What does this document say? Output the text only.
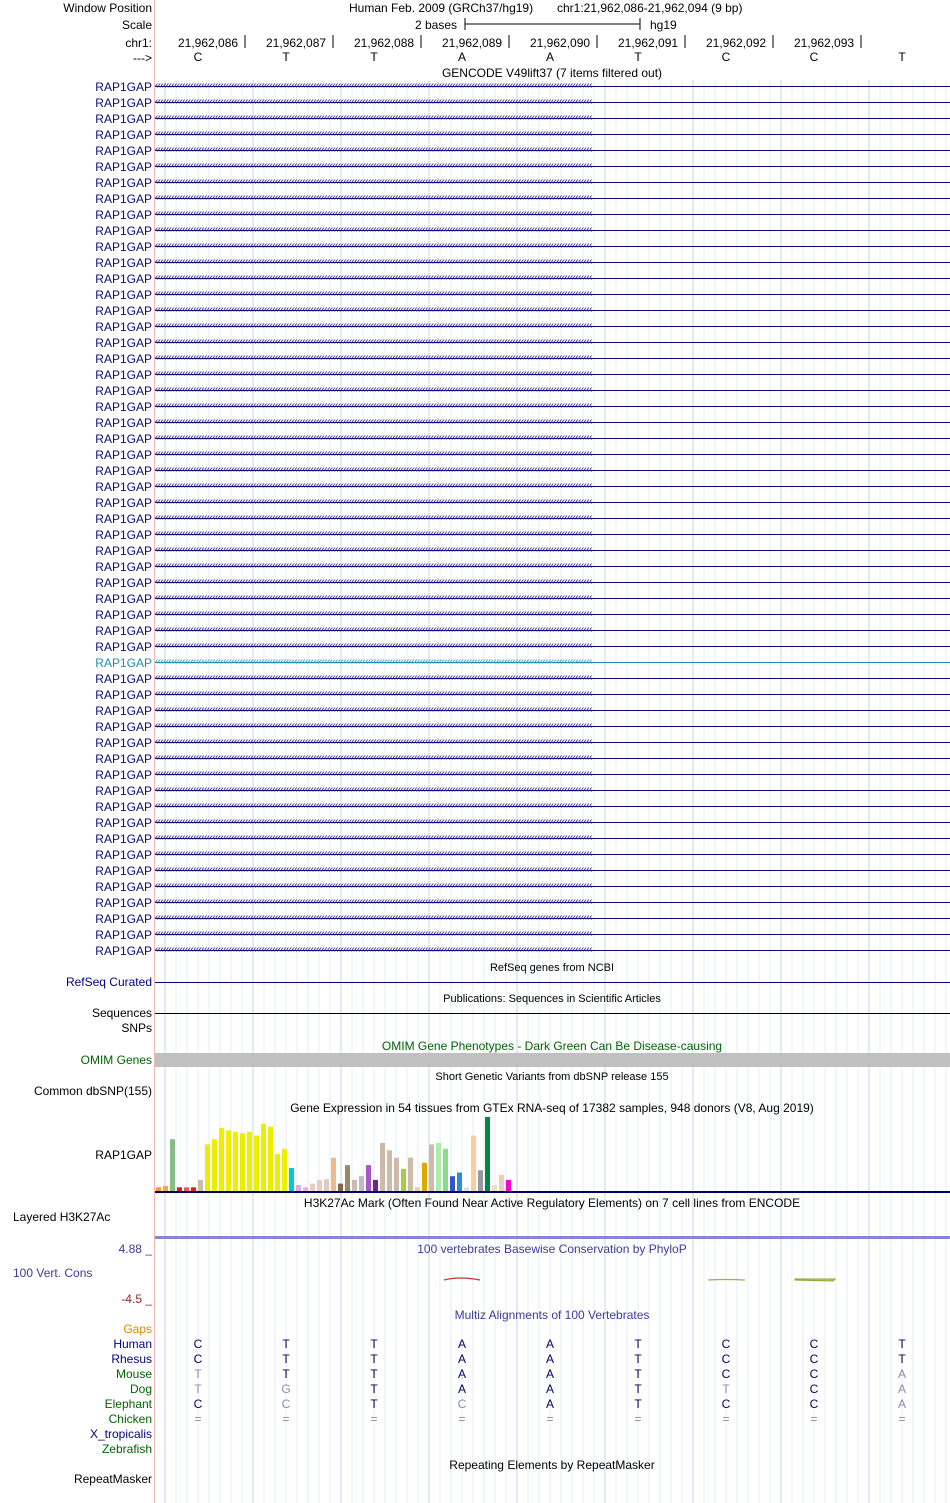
Window Position	Human Feb. 2009 (GRCh37/hg19) chr1:21,962,086-21,962,094 (9 bp)
Scale	2 bases	hg19
chr1:
--->
21,962,086 21,962,087 21,962,088 21,962,089 21,962,090 21,962,091 21,962,092 21,962,093
C	T	T	A	A	T	C	C	T
GENCODE V49lift37 (7 items filtered out)
RAP1GAP ‹‹‹‹‹‹‹‹‹‹‹‹‹‹‹‹‹‹‹‹‹‹‹‹‹‹‹‹‹‹‹‹‹‹‹‹‹‹‹‹‹‹‹‹‹‹‹‹‹‹‹‹‹‹‹‹‹‹‹‹‹‹‹‹‹‹‹‹‹‹‹‹‹‹‹‹‹‹‹‹‹‹‹‹‹‹‹‹‹‹‹‹‹‹‹‹‹‹‹‹‹‹‹‹‹‹‹‹‹‹‹‹‹‹‹‹‹‹‹‹‹‹‹‹‹‹‹‹‹‹‹‹‹‹‹‹‹‹‹‹‹‹‹‹‹‹‹‹‹‹‹‹‹‹‹‹‹‹‹‹
RAP1GAP ‹‹‹‹‹‹‹‹‹‹‹‹‹‹‹‹‹‹‹‹‹‹‹‹‹‹‹‹‹‹‹‹‹‹‹‹‹‹‹‹‹‹‹‹‹‹‹‹‹‹‹‹‹‹‹‹‹‹‹‹‹‹‹‹‹‹‹‹‹‹‹‹‹‹‹‹‹‹‹‹‹‹‹‹‹‹‹‹‹‹‹‹‹‹‹‹‹‹‹‹‹‹‹‹‹‹‹‹‹‹‹‹‹‹‹‹‹‹‹‹‹‹‹‹‹‹‹‹‹‹‹‹‹‹‹‹‹‹‹‹‹‹‹‹‹‹‹‹‹‹‹‹‹‹‹‹‹‹‹‹
RAP1GAP ‹‹‹‹‹‹‹‹‹‹‹‹‹‹‹‹‹‹‹‹‹‹‹‹‹‹‹‹‹‹‹‹‹‹‹‹‹‹‹‹‹‹‹‹‹‹‹‹‹‹‹‹‹‹‹‹‹‹‹‹‹‹‹‹‹‹‹‹‹‹‹‹‹‹‹‹‹‹‹‹‹‹‹‹‹‹‹‹‹‹‹‹‹‹‹‹‹‹‹‹‹‹‹‹‹‹‹‹‹‹‹‹‹‹‹‹‹‹‹‹‹‹‹‹‹‹‹‹‹‹‹‹‹‹‹‹‹‹‹‹‹‹‹‹‹‹‹‹‹‹‹‹‹‹‹‹‹‹‹‹
RAP1GAP ‹‹‹‹‹‹‹‹‹‹‹‹‹‹‹‹‹‹‹‹‹‹‹‹‹‹‹‹‹‹‹‹‹‹‹‹‹‹‹‹‹‹‹‹‹‹‹‹‹‹‹‹‹‹‹‹‹‹‹‹‹‹‹‹‹‹‹‹‹‹‹‹‹‹‹‹‹‹‹‹‹‹‹‹‹‹‹‹‹‹‹‹‹‹‹‹‹‹‹‹‹‹‹‹‹‹‹‹‹‹‹‹‹‹‹‹‹‹‹‹‹‹‹‹‹‹‹‹‹‹‹‹‹‹‹‹‹‹‹‹‹‹‹‹‹‹‹‹‹‹‹‹‹‹‹‹‹‹‹‹
RAP1GAP ‹‹‹‹‹‹‹‹‹‹‹‹‹‹‹‹‹‹‹‹‹‹‹‹‹‹‹‹‹‹‹‹‹‹‹‹‹‹‹‹‹‹‹‹‹‹‹‹‹‹‹‹‹‹‹‹‹‹‹‹‹‹‹‹‹‹‹‹‹‹‹‹‹‹‹‹‹‹‹‹‹‹‹‹‹‹‹‹‹‹‹‹‹‹‹‹‹‹‹‹‹‹‹‹‹‹‹‹‹‹‹‹‹‹‹‹‹‹‹‹‹‹‹‹‹‹‹‹‹‹‹‹‹‹‹‹‹‹‹‹‹‹‹‹‹‹‹‹‹‹‹‹‹‹‹‹‹‹‹‹
RAP1GAP ‹‹‹‹‹‹‹‹‹‹‹‹‹‹‹‹‹‹‹‹‹‹‹‹‹‹‹‹‹‹‹‹‹‹‹‹‹‹‹‹‹‹‹‹‹‹‹‹‹‹‹‹‹‹‹‹‹‹‹‹‹‹‹‹‹‹‹‹‹‹‹‹‹‹‹‹‹‹‹‹‹‹‹‹‹‹‹‹‹‹‹‹‹‹‹‹‹‹‹‹‹‹‹‹‹‹‹‹‹‹‹‹‹‹‹‹‹‹‹‹‹‹‹‹‹‹‹‹‹‹‹‹‹‹‹‹‹‹‹‹‹‹‹‹‹‹‹‹‹‹‹‹‹‹‹‹‹‹‹‹
RAP1GAP ‹‹‹‹‹‹‹‹‹‹‹‹‹‹‹‹‹‹‹‹‹‹‹‹‹‹‹‹‹‹‹‹‹‹‹‹‹‹‹‹‹‹‹‹‹‹‹‹‹‹‹‹‹‹‹‹‹‹‹‹‹‹‹‹‹‹‹‹‹‹‹‹‹‹‹‹‹‹‹‹‹‹‹‹‹‹‹‹‹‹‹‹‹‹‹‹‹‹‹‹‹‹‹‹‹‹‹‹‹‹‹‹‹‹‹‹‹‹‹‹‹‹‹‹‹‹‹‹‹‹‹‹‹‹‹‹‹‹‹‹‹‹‹‹‹‹‹‹‹‹‹‹‹‹‹‹‹‹‹‹
RAP1GAP ‹‹‹‹‹‹‹‹‹‹‹‹‹‹‹‹‹‹‹‹‹‹‹‹‹‹‹‹‹‹‹‹‹‹‹‹‹‹‹‹‹‹‹‹‹‹‹‹‹‹‹‹‹‹‹‹‹‹‹‹‹‹‹‹‹‹‹‹‹‹‹‹‹‹‹‹‹‹‹‹‹‹‹‹‹‹‹‹‹‹‹‹‹‹‹‹‹‹‹‹‹‹‹‹‹‹‹‹‹‹‹‹‹‹‹‹‹‹‹‹‹‹‹‹‹‹‹‹‹‹‹‹‹‹‹‹‹‹‹‹‹‹‹‹‹‹‹‹‹‹‹‹‹‹‹‹‹‹‹‹
RAP1GAP ‹‹‹‹‹‹‹‹‹‹‹‹‹‹‹‹‹‹‹‹‹‹‹‹‹‹‹‹‹‹‹‹‹‹‹‹‹‹‹‹‹‹‹‹‹‹‹‹‹‹‹‹‹‹‹‹‹‹‹‹‹‹‹‹‹‹‹‹‹‹‹‹‹‹‹‹‹‹‹‹‹‹‹‹‹‹‹‹‹‹‹‹‹‹‹‹‹‹‹‹‹‹‹‹‹‹‹‹‹‹‹‹‹‹‹‹‹‹‹‹‹‹‹‹‹‹‹‹‹‹‹‹‹‹‹‹‹‹‹‹‹‹‹‹‹‹‹‹‹‹‹‹‹‹‹‹‹‹‹‹
RAP1GAP ‹‹‹‹‹‹‹‹‹‹‹‹‹‹‹‹‹‹‹‹‹‹‹‹‹‹‹‹‹‹‹‹‹‹‹‹‹‹‹‹‹‹‹‹‹‹‹‹‹‹‹‹‹‹‹‹‹‹‹‹‹‹‹‹‹‹‹‹‹‹‹‹‹‹‹‹‹‹‹‹‹‹‹‹‹‹‹‹‹‹‹‹‹‹‹‹‹‹‹‹‹‹‹‹‹‹‹‹‹‹‹‹‹‹‹‹‹‹‹‹‹‹‹‹‹‹‹‹‹‹‹‹‹‹‹‹‹‹‹‹‹‹‹‹‹‹‹‹‹‹‹‹‹‹‹‹‹‹‹‹
RAP1GAP ‹‹‹‹‹‹‹‹‹‹‹‹‹‹‹‹‹‹‹‹‹‹‹‹‹‹‹‹‹‹‹‹‹‹‹‹‹‹‹‹‹‹‹‹‹‹‹‹‹‹‹‹‹‹‹‹‹‹‹‹‹‹‹‹‹‹‹‹‹‹‹‹‹‹‹‹‹‹‹‹‹‹‹‹‹‹‹‹‹‹‹‹‹‹‹‹‹‹‹‹‹‹‹‹‹‹‹‹‹‹‹‹‹‹‹‹‹‹‹‹‹‹‹‹‹‹‹‹‹‹‹‹‹‹‹‹‹‹‹‹‹‹‹‹‹‹‹‹‹‹‹‹‹‹‹‹‹‹‹‹
RAP1GAP ‹‹‹‹‹‹‹‹‹‹‹‹‹‹‹‹‹‹‹‹‹‹‹‹‹‹‹‹‹‹‹‹‹‹‹‹‹‹‹‹‹‹‹‹‹‹‹‹‹‹‹‹‹‹‹‹‹‹‹‹‹‹‹‹‹‹‹‹‹‹‹‹‹‹‹‹‹‹‹‹‹‹‹‹‹‹‹‹‹‹‹‹‹‹‹‹‹‹‹‹‹‹‹‹‹‹‹‹‹‹‹‹‹‹‹‹‹‹‹‹‹‹‹‹‹‹‹‹‹‹‹‹‹‹‹‹‹‹‹‹‹‹‹‹‹‹‹‹‹‹‹‹‹‹‹‹‹‹‹‹
RAP1GAP ‹‹‹‹‹‹‹‹‹‹‹‹‹‹‹‹‹‹‹‹‹‹‹‹‹‹‹‹‹‹‹‹‹‹‹‹‹‹‹‹‹‹‹‹‹‹‹‹‹‹‹‹‹‹‹‹‹‹‹‹‹‹‹‹‹‹‹‹‹‹‹‹‹‹‹‹‹‹‹‹‹‹‹‹‹‹‹‹‹‹‹‹‹‹‹‹‹‹‹‹‹‹‹‹‹‹‹‹‹‹‹‹‹‹‹‹‹‹‹‹‹‹‹‹‹‹‹‹‹‹‹‹‹‹‹‹‹‹‹‹‹‹‹‹‹‹‹‹‹‹‹‹‹‹‹‹‹‹‹‹
RAP1GAP ‹‹‹‹‹‹‹‹‹‹‹‹‹‹‹‹‹‹‹‹‹‹‹‹‹‹‹‹‹‹‹‹‹‹‹‹‹‹‹‹‹‹‹‹‹‹‹‹‹‹‹‹‹‹‹‹‹‹‹‹‹‹‹‹‹‹‹‹‹‹‹‹‹‹‹‹‹‹‹‹‹‹‹‹‹‹‹‹‹‹‹‹‹‹‹‹‹‹‹‹‹‹‹‹‹‹‹‹‹‹‹‹‹‹‹‹‹‹‹‹‹‹‹‹‹‹‹‹‹‹‹‹‹‹‹‹‹‹‹‹‹‹‹‹‹‹‹‹‹‹‹‹‹‹‹‹‹‹‹‹
RAP1GAP ‹‹‹‹‹‹‹‹‹‹‹‹‹‹‹‹‹‹‹‹‹‹‹‹‹‹‹‹‹‹‹‹‹‹‹‹‹‹‹‹‹‹‹‹‹‹‹‹‹‹‹‹‹‹‹‹‹‹‹‹‹‹‹‹‹‹‹‹‹‹‹‹‹‹‹‹‹‹‹‹‹‹‹‹‹‹‹‹‹‹‹‹‹‹‹‹‹‹‹‹‹‹‹‹‹‹‹‹‹‹‹‹‹‹‹‹‹‹‹‹‹‹‹‹‹‹‹‹‹‹‹‹‹‹‹‹‹‹‹‹‹‹‹‹‹‹‹‹‹‹‹‹‹‹‹‹‹‹‹‹
RAP1GAP ‹‹‹‹‹‹‹‹‹‹‹‹‹‹‹‹‹‹‹‹‹‹‹‹‹‹‹‹‹‹‹‹‹‹‹‹‹‹‹‹‹‹‹‹‹‹‹‹‹‹‹‹‹‹‹‹‹‹‹‹‹‹‹‹‹‹‹‹‹‹‹‹‹‹‹‹‹‹‹‹‹‹‹‹‹‹‹‹‹‹‹‹‹‹‹‹‹‹‹‹‹‹‹‹‹‹‹‹‹‹‹‹‹‹‹‹‹‹‹‹‹‹‹‹‹‹‹‹‹‹‹‹‹‹‹‹‹‹‹‹‹‹‹‹‹‹‹‹‹‹‹‹‹‹‹‹‹‹‹‹
RAP1GAP ‹‹‹‹‹‹‹‹‹‹‹‹‹‹‹‹‹‹‹‹‹‹‹‹‹‹‹‹‹‹‹‹‹‹‹‹‹‹‹‹‹‹‹‹‹‹‹‹‹‹‹‹‹‹‹‹‹‹‹‹‹‹‹‹‹‹‹‹‹‹‹‹‹‹‹‹‹‹‹‹‹‹‹‹‹‹‹‹‹‹‹‹‹‹‹‹‹‹‹‹‹‹‹‹‹‹‹‹‹‹‹‹‹‹‹‹‹‹‹‹‹‹‹‹‹‹‹‹‹‹‹‹‹‹‹‹‹‹‹‹‹‹‹‹‹‹‹‹‹‹‹‹‹‹‹‹‹‹‹‹
RAP1GAP ‹‹‹‹‹‹‹‹‹‹‹‹‹‹‹‹‹‹‹‹‹‹‹‹‹‹‹‹‹‹‹‹‹‹‹‹‹‹‹‹‹‹‹‹‹‹‹‹‹‹‹‹‹‹‹‹‹‹‹‹‹‹‹‹‹‹‹‹‹‹‹‹‹‹‹‹‹‹‹‹‹‹‹‹‹‹‹‹‹‹‹‹‹‹‹‹‹‹‹‹‹‹‹‹‹‹‹‹‹‹‹‹‹‹‹‹‹‹‹‹‹‹‹‹‹‹‹‹‹‹‹‹‹‹‹‹‹‹‹‹‹‹‹‹‹‹‹‹‹‹‹‹‹‹‹‹‹‹‹‹
RAP1GAP ‹‹‹‹‹‹‹‹‹‹‹‹‹‹‹‹‹‹‹‹‹‹‹‹‹‹‹‹‹‹‹‹‹‹‹‹‹‹‹‹‹‹‹‹‹‹‹‹‹‹‹‹‹‹‹‹‹‹‹‹‹‹‹‹‹‹‹‹‹‹‹‹‹‹‹‹‹‹‹‹‹‹‹‹‹‹‹‹‹‹‹‹‹‹‹‹‹‹‹‹‹‹‹‹‹‹‹‹‹‹‹‹‹‹‹‹‹‹‹‹‹‹‹‹‹‹‹‹‹‹‹‹‹‹‹‹‹‹‹‹‹‹‹‹‹‹‹‹‹‹‹‹‹‹‹‹‹‹‹‹
RAP1GAP ‹‹‹‹‹‹‹‹‹‹‹‹‹‹‹‹‹‹‹‹‹‹‹‹‹‹‹‹‹‹‹‹‹‹‹‹‹‹‹‹‹‹‹‹‹‹‹‹‹‹‹‹‹‹‹‹‹‹‹‹‹‹‹‹‹‹‹‹‹‹‹‹‹‹‹‹‹‹‹‹‹‹‹‹‹‹‹‹‹‹‹‹‹‹‹‹‹‹‹‹‹‹‹‹‹‹‹‹‹‹‹‹‹‹‹‹‹‹‹‹‹‹‹‹‹‹‹‹‹‹‹‹‹‹‹‹‹‹‹‹‹‹‹‹‹‹‹‹‹‹‹‹‹‹‹‹‹‹‹‹
RAP1GAP ‹‹‹‹‹‹‹‹‹‹‹‹‹‹‹‹‹‹‹‹‹‹‹‹‹‹‹‹‹‹‹‹‹‹‹‹‹‹‹‹‹‹‹‹‹‹‹‹‹‹‹‹‹‹‹‹‹‹‹‹‹‹‹‹‹‹‹‹‹‹‹‹‹‹‹‹‹‹‹‹‹‹‹‹‹‹‹‹‹‹‹‹‹‹‹‹‹‹‹‹‹‹‹‹‹‹‹‹‹‹‹‹‹‹‹‹‹‹‹‹‹‹‹‹‹‹‹‹‹‹‹‹‹‹‹‹‹‹‹‹‹‹‹‹‹‹‹‹‹‹‹‹‹‹‹‹‹‹‹‹
RAP1GAP ‹‹‹‹‹‹‹‹‹‹‹‹‹‹‹‹‹‹‹‹‹‹‹‹‹‹‹‹‹‹‹‹‹‹‹‹‹‹‹‹‹‹‹‹‹‹‹‹‹‹‹‹‹‹‹‹‹‹‹‹‹‹‹‹‹‹‹‹‹‹‹‹‹‹‹‹‹‹‹‹‹‹‹‹‹‹‹‹‹‹‹‹‹‹‹‹‹‹‹‹‹‹‹‹‹‹‹‹‹‹‹‹‹‹‹‹‹‹‹‹‹‹‹‹‹‹‹‹‹‹‹‹‹‹‹‹‹‹‹‹‹‹‹‹‹‹‹‹‹‹‹‹‹‹‹‹‹‹‹‹
RAP1GAP ‹‹‹‹‹‹‹‹‹‹‹‹‹‹‹‹‹‹‹‹‹‹‹‹‹‹‹‹‹‹‹‹‹‹‹‹‹‹‹‹‹‹‹‹‹‹‹‹‹‹‹‹‹‹‹‹‹‹‹‹‹‹‹‹‹‹‹‹‹‹‹‹‹‹‹‹‹‹‹‹‹‹‹‹‹‹‹‹‹‹‹‹‹‹‹‹‹‹‹‹‹‹‹‹‹‹‹‹‹‹‹‹‹‹‹‹‹‹‹‹‹‹‹‹‹‹‹‹‹‹‹‹‹‹‹‹‹‹‹‹‹‹‹‹‹‹‹‹‹‹‹‹‹‹‹‹‹‹‹‹
RAP1GAP ‹‹‹‹‹‹‹‹‹‹‹‹‹‹‹‹‹‹‹‹‹‹‹‹‹‹‹‹‹‹‹‹‹‹‹‹‹‹‹‹‹‹‹‹‹‹‹‹‹‹‹‹‹‹‹‹‹‹‹‹‹‹‹‹‹‹‹‹‹‹‹‹‹‹‹‹‹‹‹‹‹‹‹‹‹‹‹‹‹‹‹‹‹‹‹‹‹‹‹‹‹‹‹‹‹‹‹‹‹‹‹‹‹‹‹‹‹‹‹‹‹‹‹‹‹‹‹‹‹‹‹‹‹‹‹‹‹‹‹‹‹‹‹‹‹‹‹‹‹‹‹‹‹‹‹‹‹‹‹‹
RAP1GAP ‹‹‹‹‹‹‹‹‹‹‹‹‹‹‹‹‹‹‹‹‹‹‹‹‹‹‹‹‹‹‹‹‹‹‹‹‹‹‹‹‹‹‹‹‹‹‹‹‹‹‹‹‹‹‹‹‹‹‹‹‹‹‹‹‹‹‹‹‹‹‹‹‹‹‹‹‹‹‹‹‹‹‹‹‹‹‹‹‹‹‹‹‹‹‹‹‹‹‹‹‹‹‹‹‹‹‹‹‹‹‹‹‹‹‹‹‹‹‹‹‹‹‹‹‹‹‹‹‹‹‹‹‹‹‹‹‹‹‹‹‹‹‹‹‹‹‹‹‹‹‹‹‹‹‹‹‹‹‹‹
RAP1GAP ‹‹‹‹‹‹‹‹‹‹‹‹‹‹‹‹‹‹‹‹‹‹‹‹‹‹‹‹‹‹‹‹‹‹‹‹‹‹‹‹‹‹‹‹‹‹‹‹‹‹‹‹‹‹‹‹‹‹‹‹‹‹‹‹‹‹‹‹‹‹‹‹‹‹‹‹‹‹‹‹‹‹‹‹‹‹‹‹‹‹‹‹‹‹‹‹‹‹‹‹‹‹‹‹‹‹‹‹‹‹‹‹‹‹‹‹‹‹‹‹‹‹‹‹‹‹‹‹‹‹‹‹‹‹‹‹‹‹‹‹‹‹‹‹‹‹‹‹‹‹‹‹‹‹‹‹‹‹‹‹
RAP1GAP ‹‹‹‹‹‹‹‹‹‹‹‹‹‹‹‹‹‹‹‹‹‹‹‹‹‹‹‹‹‹‹‹‹‹‹‹‹‹‹‹‹‹‹‹‹‹‹‹‹‹‹‹‹‹‹‹‹‹‹‹‹‹‹‹‹‹‹‹‹‹‹‹‹‹‹‹‹‹‹‹‹‹‹‹‹‹‹‹‹‹‹‹‹‹‹‹‹‹‹‹‹‹‹‹‹‹‹‹‹‹‹‹‹‹‹‹‹‹‹‹‹‹‹‹‹‹‹‹‹‹‹‹‹‹‹‹‹‹‹‹‹‹‹‹‹‹‹‹‹‹‹‹‹‹‹‹‹‹‹‹
RAP1GAP ‹‹‹‹‹‹‹‹‹‹‹‹‹‹‹‹‹‹‹‹‹‹‹‹‹‹‹‹‹‹‹‹‹‹‹‹‹‹‹‹‹‹‹‹‹‹‹‹‹‹‹‹‹‹‹‹‹‹‹‹‹‹‹‹‹‹‹‹‹‹‹‹‹‹‹‹‹‹‹‹‹‹‹‹‹‹‹‹‹‹‹‹‹‹‹‹‹‹‹‹‹‹‹‹‹‹‹‹‹‹‹‹‹‹‹‹‹‹‹‹‹‹‹‹‹‹‹‹‹‹‹‹‹‹‹‹‹‹‹‹‹‹‹‹‹‹‹‹‹‹‹‹‹‹‹‹‹‹‹‹
RAP1GAP ‹‹‹‹‹‹‹‹‹‹‹‹‹‹‹‹‹‹‹‹‹‹‹‹‹‹‹‹‹‹‹‹‹‹‹‹‹‹‹‹‹‹‹‹‹‹‹‹‹‹‹‹‹‹‹‹‹‹‹‹‹‹‹‹‹‹‹‹‹‹‹‹‹‹‹‹‹‹‹‹‹‹‹‹‹‹‹‹‹‹‹‹‹‹‹‹‹‹‹‹‹‹‹‹‹‹‹‹‹‹‹‹‹‹‹‹‹‹‹‹‹‹‹‹‹‹‹‹‹‹‹‹‹‹‹‹‹‹‹‹‹‹‹‹‹‹‹‹‹‹‹‹‹‹‹‹‹‹‹‹
RAP1GAP ‹‹‹‹‹‹‹‹‹‹‹‹‹‹‹‹‹‹‹‹‹‹‹‹‹‹‹‹‹‹‹‹‹‹‹‹‹‹‹‹‹‹‹‹‹‹‹‹‹‹‹‹‹‹‹‹‹‹‹‹‹‹‹‹‹‹‹‹‹‹‹‹‹‹‹‹‹‹‹‹‹‹‹‹‹‹‹‹‹‹‹‹‹‹‹‹‹‹‹‹‹‹‹‹‹‹‹‹‹‹‹‹‹‹‹‹‹‹‹‹‹‹‹‹‹‹‹‹‹‹‹‹‹‹‹‹‹‹‹‹‹‹‹‹‹‹‹‹‹‹‹‹‹‹‹‹‹‹‹‹
RAP1GAP ‹‹‹‹‹‹‹‹‹‹‹‹‹‹‹‹‹‹‹‹‹‹‹‹‹‹‹‹‹‹‹‹‹‹‹‹‹‹‹‹‹‹‹‹‹‹‹‹‹‹‹‹‹‹‹‹‹‹‹‹‹‹‹‹‹‹‹‹‹‹‹‹‹‹‹‹‹‹‹‹‹‹‹‹‹‹‹‹‹‹‹‹‹‹‹‹‹‹‹‹‹‹‹‹‹‹‹‹‹‹‹‹‹‹‹‹‹‹‹‹‹‹‹‹‹‹‹‹‹‹‹‹‹‹‹‹‹‹‹‹‹‹‹‹‹‹‹‹‹‹‹‹‹‹‹‹‹‹‹‹
RAP1GAP ‹‹‹‹‹‹‹‹‹‹‹‹‹‹‹‹‹‹‹‹‹‹‹‹‹‹‹‹‹‹‹‹‹‹‹‹‹‹‹‹‹‹‹‹‹‹‹‹‹‹‹‹‹‹‹‹‹‹‹‹‹‹‹‹‹‹‹‹‹‹‹‹‹‹‹‹‹‹‹‹‹‹‹‹‹‹‹‹‹‹‹‹‹‹‹‹‹‹‹‹‹‹‹‹‹‹‹‹‹‹‹‹‹‹‹‹‹‹‹‹‹‹‹‹‹‹‹‹‹‹‹‹‹‹‹‹‹‹‹‹‹‹‹‹‹‹‹‹‹‹‹‹‹‹‹‹‹‹‹‹
RAP1GAP ‹‹‹‹‹‹‹‹‹‹‹‹‹‹‹‹‹‹‹‹‹‹‹‹‹‹‹‹‹‹‹‹‹‹‹‹‹‹‹‹‹‹‹‹‹‹‹‹‹‹‹‹‹‹‹‹‹‹‹‹‹‹‹‹‹‹‹‹‹‹‹‹‹‹‹‹‹‹‹‹‹‹‹‹‹‹‹‹‹‹‹‹‹‹‹‹‹‹‹‹‹‹‹‹‹‹‹‹‹‹‹‹‹‹‹‹‹‹‹‹‹‹‹‹‹‹‹‹‹‹‹‹‹‹‹‹‹‹‹‹‹‹‹‹‹‹‹‹‹‹‹‹‹‹‹‹‹‹‹‹
RAP1GAP ‹‹‹‹‹‹‹‹‹‹‹‹‹‹‹‹‹‹‹‹‹‹‹‹‹‹‹‹‹‹‹‹‹‹‹‹‹‹‹‹‹‹‹‹‹‹‹‹‹‹‹‹‹‹‹‹‹‹‹‹‹‹‹‹‹‹‹‹‹‹‹‹‹‹‹‹‹‹‹‹‹‹‹‹‹‹‹‹‹‹‹‹‹‹‹‹‹‹‹‹‹‹‹‹‹‹‹‹‹‹‹‹‹‹‹‹‹‹‹‹‹‹‹‹‹‹‹‹‹‹‹‹‹‹‹‹‹‹‹‹‹‹‹‹‹‹‹‹‹‹‹‹‹‹‹‹‹‹‹‹
RAP1GAP ‹‹‹‹‹‹‹‹‹‹‹‹‹‹‹‹‹‹‹‹‹‹‹‹‹‹‹‹‹‹‹‹‹‹‹‹‹‹‹‹‹‹‹‹‹‹‹‹‹‹‹‹‹‹‹‹‹‹‹‹‹‹‹‹‹‹‹‹‹‹‹‹‹‹‹‹‹‹‹‹‹‹‹‹‹‹‹‹‹‹‹‹‹‹‹‹‹‹‹‹‹‹‹‹‹‹‹‹‹‹‹‹‹‹‹‹‹‹‹‹‹‹‹‹‹‹‹‹‹‹‹‹‹‹‹‹‹‹‹‹‹‹‹‹‹‹‹‹‹‹‹‹‹‹‹‹‹‹‹‹
RAP1GAP ‹‹‹‹‹‹‹‹‹‹‹‹‹‹‹‹‹‹‹‹‹‹‹‹‹‹‹‹‹‹‹‹‹‹‹‹‹‹‹‹‹‹‹‹‹‹‹‹‹‹‹‹‹‹‹‹‹‹‹‹‹‹‹‹‹‹‹‹‹‹‹‹‹‹‹‹‹‹‹‹‹‹‹‹‹‹‹‹‹‹‹‹‹‹‹‹‹‹‹‹‹‹‹‹‹‹‹‹‹‹‹‹‹‹‹‹‹‹‹‹‹‹‹‹‹‹‹‹‹‹‹‹‹‹‹‹‹‹‹‹‹‹‹‹‹‹‹‹‹‹‹‹‹‹‹‹‹‹‹‹
RAP1GAP ‹‹‹‹‹‹‹‹‹‹‹‹‹‹‹‹‹‹‹‹‹‹‹‹‹‹‹‹‹‹‹‹‹‹‹‹‹‹‹‹‹‹‹‹‹‹‹‹‹‹‹‹‹‹‹‹‹‹‹‹‹‹‹‹‹‹‹‹‹‹‹‹‹‹‹‹‹‹‹‹‹‹‹‹‹‹‹‹‹‹‹‹‹‹‹‹‹‹‹‹‹‹‹‹‹‹‹‹‹‹‹‹‹‹‹‹‹‹‹‹‹‹‹‹‹‹‹‹‹‹‹‹‹‹‹‹‹‹‹‹‹‹‹‹‹‹‹‹‹‹‹‹‹‹‹‹‹‹‹‹
RAP1GAP ‹‹‹‹‹‹‹‹‹‹‹‹‹‹‹‹‹‹‹‹‹‹‹‹‹‹‹‹‹‹‹‹‹‹‹‹‹‹‹‹‹‹‹‹‹‹‹‹‹‹‹‹‹‹‹‹‹‹‹‹‹‹‹‹‹‹‹‹‹‹‹‹‹‹‹‹‹‹‹‹‹‹‹‹‹‹‹‹‹‹‹‹‹‹‹‹‹‹‹‹‹‹‹‹‹‹‹‹‹‹‹‹‹‹‹‹‹‹‹‹‹‹‹‹‹‹‹‹‹‹‹‹‹‹‹‹‹‹‹‹‹‹‹‹‹‹‹‹‹‹‹‹‹‹‹‹‹‹‹‹
RAP1GAP ‹‹‹‹‹‹‹‹‹‹‹‹‹‹‹‹‹‹‹‹‹‹‹‹‹‹‹‹‹‹‹‹‹‹‹‹‹‹‹‹‹‹‹‹‹‹‹‹‹‹‹‹‹‹‹‹‹‹‹‹‹‹‹‹‹‹‹‹‹‹‹‹‹‹‹‹‹‹‹‹‹‹‹‹‹‹‹‹‹‹‹‹‹‹‹‹‹‹‹‹‹‹‹‹‹‹‹‹‹‹‹‹‹‹‹‹‹‹‹‹‹‹‹‹‹‹‹‹‹‹‹‹‹‹‹‹‹‹‹‹‹‹‹‹‹‹‹‹‹‹‹‹‹‹‹‹‹‹‹‹
RAP1GAP ‹‹‹‹‹‹‹‹‹‹‹‹‹‹‹‹‹‹‹‹‹‹‹‹‹‹‹‹‹‹‹‹‹‹‹‹‹‹‹‹‹‹‹‹‹‹‹‹‹‹‹‹‹‹‹‹‹‹‹‹‹‹‹‹‹‹‹‹‹‹‹‹‹‹‹‹‹‹‹‹‹‹‹‹‹‹‹‹‹‹‹‹‹‹‹‹‹‹‹‹‹‹‹‹‹‹‹‹‹‹‹‹‹‹‹‹‹‹‹‹‹‹‹‹‹‹‹‹‹‹‹‹‹‹‹‹‹‹‹‹‹‹‹‹‹‹‹‹‹‹‹‹‹‹‹‹‹‹‹‹
RAP1GAP ‹‹‹‹‹‹‹‹‹‹‹‹‹‹‹‹‹‹‹‹‹‹‹‹‹‹‹‹‹‹‹‹‹‹‹‹‹‹‹‹‹‹‹‹‹‹‹‹‹‹‹‹‹‹‹‹‹‹‹‹‹‹‹‹‹‹‹‹‹‹‹‹‹‹‹‹‹‹‹‹‹‹‹‹‹‹‹‹‹‹‹‹‹‹‹‹‹‹‹‹‹‹‹‹‹‹‹‹‹‹‹‹‹‹‹‹‹‹‹‹‹‹‹‹‹‹‹‹‹‹‹‹‹‹‹‹‹‹‹‹‹‹‹‹‹‹‹‹‹‹‹‹‹‹‹‹‹‹‹‹
RAP1GAP ‹‹‹‹‹‹‹‹‹‹‹‹‹‹‹‹‹‹‹‹‹‹‹‹‹‹‹‹‹‹‹‹‹‹‹‹‹‹‹‹‹‹‹‹‹‹‹‹‹‹‹‹‹‹‹‹‹‹‹‹‹‹‹‹‹‹‹‹‹‹‹‹‹‹‹‹‹‹‹‹‹‹‹‹‹‹‹‹‹‹‹‹‹‹‹‹‹‹‹‹‹‹‹‹‹‹‹‹‹‹‹‹‹‹‹‹‹‹‹‹‹‹‹‹‹‹‹‹‹‹‹‹‹‹‹‹‹‹‹‹‹‹‹‹‹‹‹‹‹‹‹‹‹‹‹‹‹‹‹‹
RAP1GAP ‹‹‹‹‹‹‹‹‹‹‹‹‹‹‹‹‹‹‹‹‹‹‹‹‹‹‹‹‹‹‹‹‹‹‹‹‹‹‹‹‹‹‹‹‹‹‹‹‹‹‹‹‹‹‹‹‹‹‹‹‹‹‹‹‹‹‹‹‹‹‹‹‹‹‹‹‹‹‹‹‹‹‹‹‹‹‹‹‹‹‹‹‹‹‹‹‹‹‹‹‹‹‹‹‹‹‹‹‹‹‹‹‹‹‹‹‹‹‹‹‹‹‹‹‹‹‹‹‹‹‹‹‹‹‹‹‹‹‹‹‹‹‹‹‹‹‹‹‹‹‹‹‹‹‹‹‹‹‹‹
RAP1GAP ‹‹‹‹‹‹‹‹‹‹‹‹‹‹‹‹‹‹‹‹‹‹‹‹‹‹‹‹‹‹‹‹‹‹‹‹‹‹‹‹‹‹‹‹‹‹‹‹‹‹‹‹‹‹‹‹‹‹‹‹‹‹‹‹‹‹‹‹‹‹‹‹‹‹‹‹‹‹‹‹‹‹‹‹‹‹‹‹‹‹‹‹‹‹‹‹‹‹‹‹‹‹‹‹‹‹‹‹‹‹‹‹‹‹‹‹‹‹‹‹‹‹‹‹‹‹‹‹‹‹‹‹‹‹‹‹‹‹‹‹‹‹‹‹‹‹‹‹‹‹‹‹‹‹‹‹‹‹‹‹
RAP1GAP ‹‹‹‹‹‹‹‹‹‹‹‹‹‹‹‹‹‹‹‹‹‹‹‹‹‹‹‹‹‹‹‹‹‹‹‹‹‹‹‹‹‹‹‹‹‹‹‹‹‹‹‹‹‹‹‹‹‹‹‹‹‹‹‹‹‹‹‹‹‹‹‹‹‹‹‹‹‹‹‹‹‹‹‹‹‹‹‹‹‹‹‹‹‹‹‹‹‹‹‹‹‹‹‹‹‹‹‹‹‹‹‹‹‹‹‹‹‹‹‹‹‹‹‹‹‹‹‹‹‹‹‹‹‹‹‹‹‹‹‹‹‹‹‹‹‹‹‹‹‹‹‹‹‹‹‹‹‹‹‹
RAP1GAP ‹‹‹‹‹‹‹‹‹‹‹‹‹‹‹‹‹‹‹‹‹‹‹‹‹‹‹‹‹‹‹‹‹‹‹‹‹‹‹‹‹‹‹‹‹‹‹‹‹‹‹‹‹‹‹‹‹‹‹‹‹‹‹‹‹‹‹‹‹‹‹‹‹‹‹‹‹‹‹‹‹‹‹‹‹‹‹‹‹‹‹‹‹‹‹‹‹‹‹‹‹‹‹‹‹‹‹‹‹‹‹‹‹‹‹‹‹‹‹‹‹‹‹‹‹‹‹‹‹‹‹‹‹‹‹‹‹‹‹‹‹‹‹‹‹‹‹‹‹‹‹‹‹‹‹‹‹‹‹‹
RAP1GAP ‹‹‹‹‹‹‹‹‹‹‹‹‹‹‹‹‹‹‹‹‹‹‹‹‹‹‹‹‹‹‹‹‹‹‹‹‹‹‹‹‹‹‹‹‹‹‹‹‹‹‹‹‹‹‹‹‹‹‹‹‹‹‹‹‹‹‹‹‹‹‹‹‹‹‹‹‹‹‹‹‹‹‹‹‹‹‹‹‹‹‹‹‹‹‹‹‹‹‹‹‹‹‹‹‹‹‹‹‹‹‹‹‹‹‹‹‹‹‹‹‹‹‹‹‹‹‹‹‹‹‹‹‹‹‹‹‹‹‹‹‹‹‹‹‹‹‹‹‹‹‹‹‹‹‹‹‹‹‹‹
RAP1GAP ‹‹‹‹‹‹‹‹‹‹‹‹‹‹‹‹‹‹‹‹‹‹‹‹‹‹‹‹‹‹‹‹‹‹‹‹‹‹‹‹‹‹‹‹‹‹‹‹‹‹‹‹‹‹‹‹‹‹‹‹‹‹‹‹‹‹‹‹‹‹‹‹‹‹‹‹‹‹‹‹‹‹‹‹‹‹‹‹‹‹‹‹‹‹‹‹‹‹‹‹‹‹‹‹‹‹‹‹‹‹‹‹‹‹‹‹‹‹‹‹‹‹‹‹‹‹‹‹‹‹‹‹‹‹‹‹‹‹‹‹‹‹‹‹‹‹‹‹‹‹‹‹‹‹‹‹‹‹‹‹
RAP1GAP ‹‹‹‹‹‹‹‹‹‹‹‹‹‹‹‹‹‹‹‹‹‹‹‹‹‹‹‹‹‹‹‹‹‹‹‹‹‹‹‹‹‹‹‹‹‹‹‹‹‹‹‹‹‹‹‹‹‹‹‹‹‹‹‹‹‹‹‹‹‹‹‹‹‹‹‹‹‹‹‹‹‹‹‹‹‹‹‹‹‹‹‹‹‹‹‹‹‹‹‹‹‹‹‹‹‹‹‹‹‹‹‹‹‹‹‹‹‹‹‹‹‹‹‹‹‹‹‹‹‹‹‹‹‹‹‹‹‹‹‹‹‹‹‹‹‹‹‹‹‹‹‹‹‹‹‹‹‹‹‹
RAP1GAP ‹‹‹‹‹‹‹‹‹‹‹‹‹‹‹‹‹‹‹‹‹‹‹‹‹‹‹‹‹‹‹‹‹‹‹‹‹‹‹‹‹‹‹‹‹‹‹‹‹‹‹‹‹‹‹‹‹‹‹‹‹‹‹‹‹‹‹‹‹‹‹‹‹‹‹‹‹‹‹‹‹‹‹‹‹‹‹‹‹‹‹‹‹‹‹‹‹‹‹‹‹‹‹‹‹‹‹‹‹‹‹‹‹‹‹‹‹‹‹‹‹‹‹‹‹‹‹‹‹‹‹‹‹‹‹‹‹‹‹‹‹‹‹‹‹‹‹‹‹‹‹‹‹‹‹‹‹‹‹‹
RAP1GAP ‹‹‹‹‹‹‹‹‹‹‹‹‹‹‹‹‹‹‹‹‹‹‹‹‹‹‹‹‹‹‹‹‹‹‹‹‹‹‹‹‹‹‹‹‹‹‹‹‹‹‹‹‹‹‹‹‹‹‹‹‹‹‹‹‹‹‹‹‹‹‹‹‹‹‹‹‹‹‹‹‹‹‹‹‹‹‹‹‹‹‹‹‹‹‹‹‹‹‹‹‹‹‹‹‹‹‹‹‹‹‹‹‹‹‹‹‹‹‹‹‹‹‹‹‹‹‹‹‹‹‹‹‹‹‹‹‹‹‹‹‹‹‹‹‹‹‹‹‹‹‹‹‹‹‹‹‹‹‹‹
RAP1GAP ‹‹‹‹‹‹‹‹‹‹‹‹‹‹‹‹‹‹‹‹‹‹‹‹‹‹‹‹‹‹‹‹‹‹‹‹‹‹‹‹‹‹‹‹‹‹‹‹‹‹‹‹‹‹‹‹‹‹‹‹‹‹‹‹‹‹‹‹‹‹‹‹‹‹‹‹‹‹‹‹‹‹‹‹‹‹‹‹‹‹‹‹‹‹‹‹‹‹‹‹‹‹‹‹‹‹‹‹‹‹‹‹‹‹‹‹‹‹‹‹‹‹‹‹‹‹‹‹‹‹‹‹‹‹‹‹‹‹‹‹‹‹‹‹‹‹‹‹‹‹‹‹‹‹‹‹‹‹‹‹
RAP1GAP ‹‹‹‹‹‹‹‹‹‹‹‹‹‹‹‹‹‹‹‹‹‹‹‹‹‹‹‹‹‹‹‹‹‹‹‹‹‹‹‹‹‹‹‹‹‹‹‹‹‹‹‹‹‹‹‹‹‹‹‹‹‹‹‹‹‹‹‹‹‹‹‹‹‹‹‹‹‹‹‹‹‹‹‹‹‹‹‹‹‹‹‹‹‹‹‹‹‹‹‹‹‹‹‹‹‹‹‹‹‹‹‹‹‹‹‹‹‹‹‹‹‹‹‹‹‹‹‹‹‹‹‹‹‹‹‹‹‹‹‹‹‹‹‹‹‹‹‹‹‹‹‹‹‹‹‹‹‹‹‹
RAP1GAP ‹‹‹‹‹‹‹‹‹‹‹‹‹‹‹‹‹‹‹‹‹‹‹‹‹‹‹‹‹‹‹‹‹‹‹‹‹‹‹‹‹‹‹‹‹‹‹‹‹‹‹‹‹‹‹‹‹‹‹‹‹‹‹‹‹‹‹‹‹‹‹‹‹‹‹‹‹‹‹‹‹‹‹‹‹‹‹‹‹‹‹‹‹‹‹‹‹‹‹‹‹‹‹‹‹‹‹‹‹‹‹‹‹‹‹‹‹‹‹‹‹‹‹‹‹‹‹‹‹‹‹‹‹‹‹‹‹‹‹‹‹‹‹‹‹‹‹‹‹‹‹‹‹‹‹‹‹‹‹‹
RAP1GAP ‹‹‹‹‹‹‹‹‹‹‹‹‹‹‹‹‹‹‹‹‹‹‹‹‹‹‹‹‹‹‹‹‹‹‹‹‹‹‹‹‹‹‹‹‹‹‹‹‹‹‹‹‹‹‹‹‹‹‹‹‹‹‹‹‹‹‹‹‹‹‹‹‹‹‹‹‹‹‹‹‹‹‹‹‹‹‹‹‹‹‹‹‹‹‹‹‹‹‹‹‹‹‹‹‹‹‹‹‹‹‹‹‹‹‹‹‹‹‹‹‹‹‹‹‹‹‹‹‹‹‹‹‹‹‹‹‹‹‹‹‹‹‹‹‹‹‹‹‹‹‹‹‹‹‹‹‹‹‹‹
RefSeq genes from NCBI
RefSeq Curated
Publications: Sequences in Scientific Articles
Sequences
SNPs
OMIM Gene Phenotypes - Dark Green Can Be Disease-causing
OMIM Genes
Short Genetic Variants from dbSNP release 155
Common dbSNP(155)
Gene Expression in 54 tissues from GTEx RNA-seq of 17382 samples, 948 donors (V8, Aug 2019)
RAP1GAP
H3K27Ac Mark (Often Found Near Active Regulatory Elements) on 7 cell lines from ENCODE
Layered H3K27Ac
4.88 _	100 vertebrates Basewise Conservation by PhyloP
100 Vert. Cons
-4.5 _
Multiz Alignments of 100 Vertebrates
Gaps
Human	C	T	T	A	A	T	C	C	T
Rhesus	C	T	T	A	A	T	C	C	T
Mouse	T	T	T	A	A	T	C	C	A
Dog	T	G	T	A	A	T	T	C	A
Elephant	C	C	T	C	A	T	C	C	A
Chicken	=	=	=	=	=	=	=	=	=
X_tropicalis
Zebrafish
Repeating Elements by RepeatMasker
RepeatMasker
